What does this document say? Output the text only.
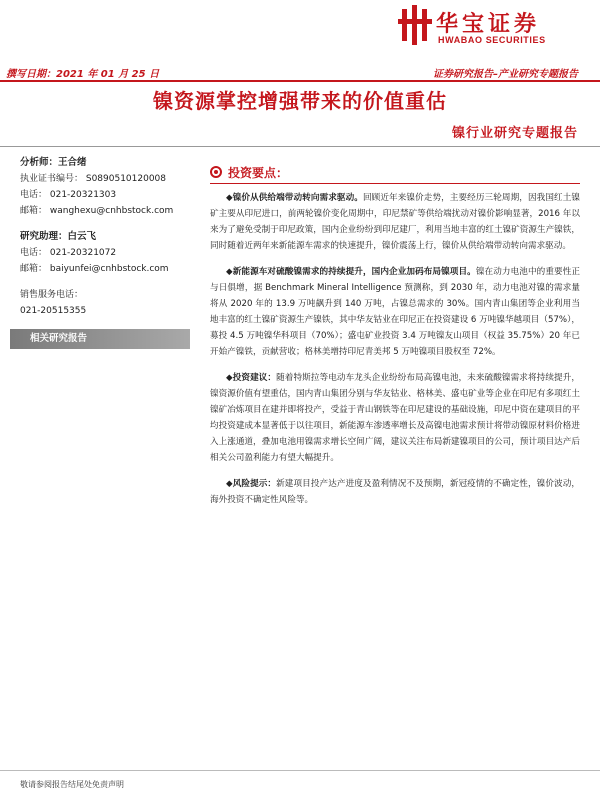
华宝证券
HWABAO SECURITIES
撰写日期：2021 年 01 月 25 日	证券研究报告–产业研究专题报告
镍资源掌控增强带来的价值重估
镍行业研究专题报告
分析师：王合绪
执业证书编号： S0890510120008
电话： 021-20321303
邮箱： wanghexu@cnhbstock.com
研究助理：白云飞
电话： 021-20321072
邮箱： baiyunfei@cnhbstock.com
销售服务电话：
021-20515355
相关研究报告
投资要点：

◆镍价从供给端带动转向需求驱动。回顾近年来镍价走势，主要经历三轮周期，因我国红土镍矿主要从印尼进口，前两轮镍价变化周期中，印尼禁矿等供给端扰动对镍价影响显著，2016 年以来为了避免受制于印尼政策，国内企业纷纷到印尼建厂，利用当地丰富的红土镍矿资源生产镍铁，同时随着近两年来新能源车需求的快速提升，镍价震荡上行，镍价从供给端带动转向需求驱动。

◆新能源车对硫酸镍需求的持续提升，国内企业加码布局镍项目。镍在动力电池中的重要性正与日俱增，据 Benchmark Mineral Intelligence 预测称，到 2030 年，动力电池对镍的需求量将从 2020 年的 13.9 万吨飙升到 140 万吨，占镍总需求的 30%。国内青山集团等企业利用当地丰富的红土镍矿资源生产镍铁，其中华友钴业在印尼正在投资建设 6 万吨镍华越项目（57%），募投 4.5 万吨镍华科项目（70%）；盛屯矿业投资 3.4 万吨镍友山项目（权益 35.75%）20 年已开始产镍铁，贡献营收；格林美增持印尼青美邦 5 万吨镍项目股权至 72%。

◆投资建议：随着特斯拉等电动车龙头企业纷纷布局高镍电池，未来硫酸镍需求将持续提升，镍资源价值有望重估，国内青山集团分别与华友钴业、格林美、盛屯矿业等企业在印尼有多项红土镍矿冶炼项目在建并即将投产，受益于青山钢铁等在印尼建设的基础设施，印尼中资在建项目的平均投资建成本显著低于以往项目，新能源车渗透率增长及高镍电池需求预计将带动镍原材料价格进入上涨通道，叠加电池用镍需求增长空间广阔，建议关注布局新建镍项目的公司，预计项目达产后相关公司盈利能力有望大幅提升。

◆风险提示：新建项目投产达产进度及盈利情况不及预期，新冠疫情的不确定性，镍价波动，海外投资不确定性风险等。

敬请参阅报告结尾处免责声明
